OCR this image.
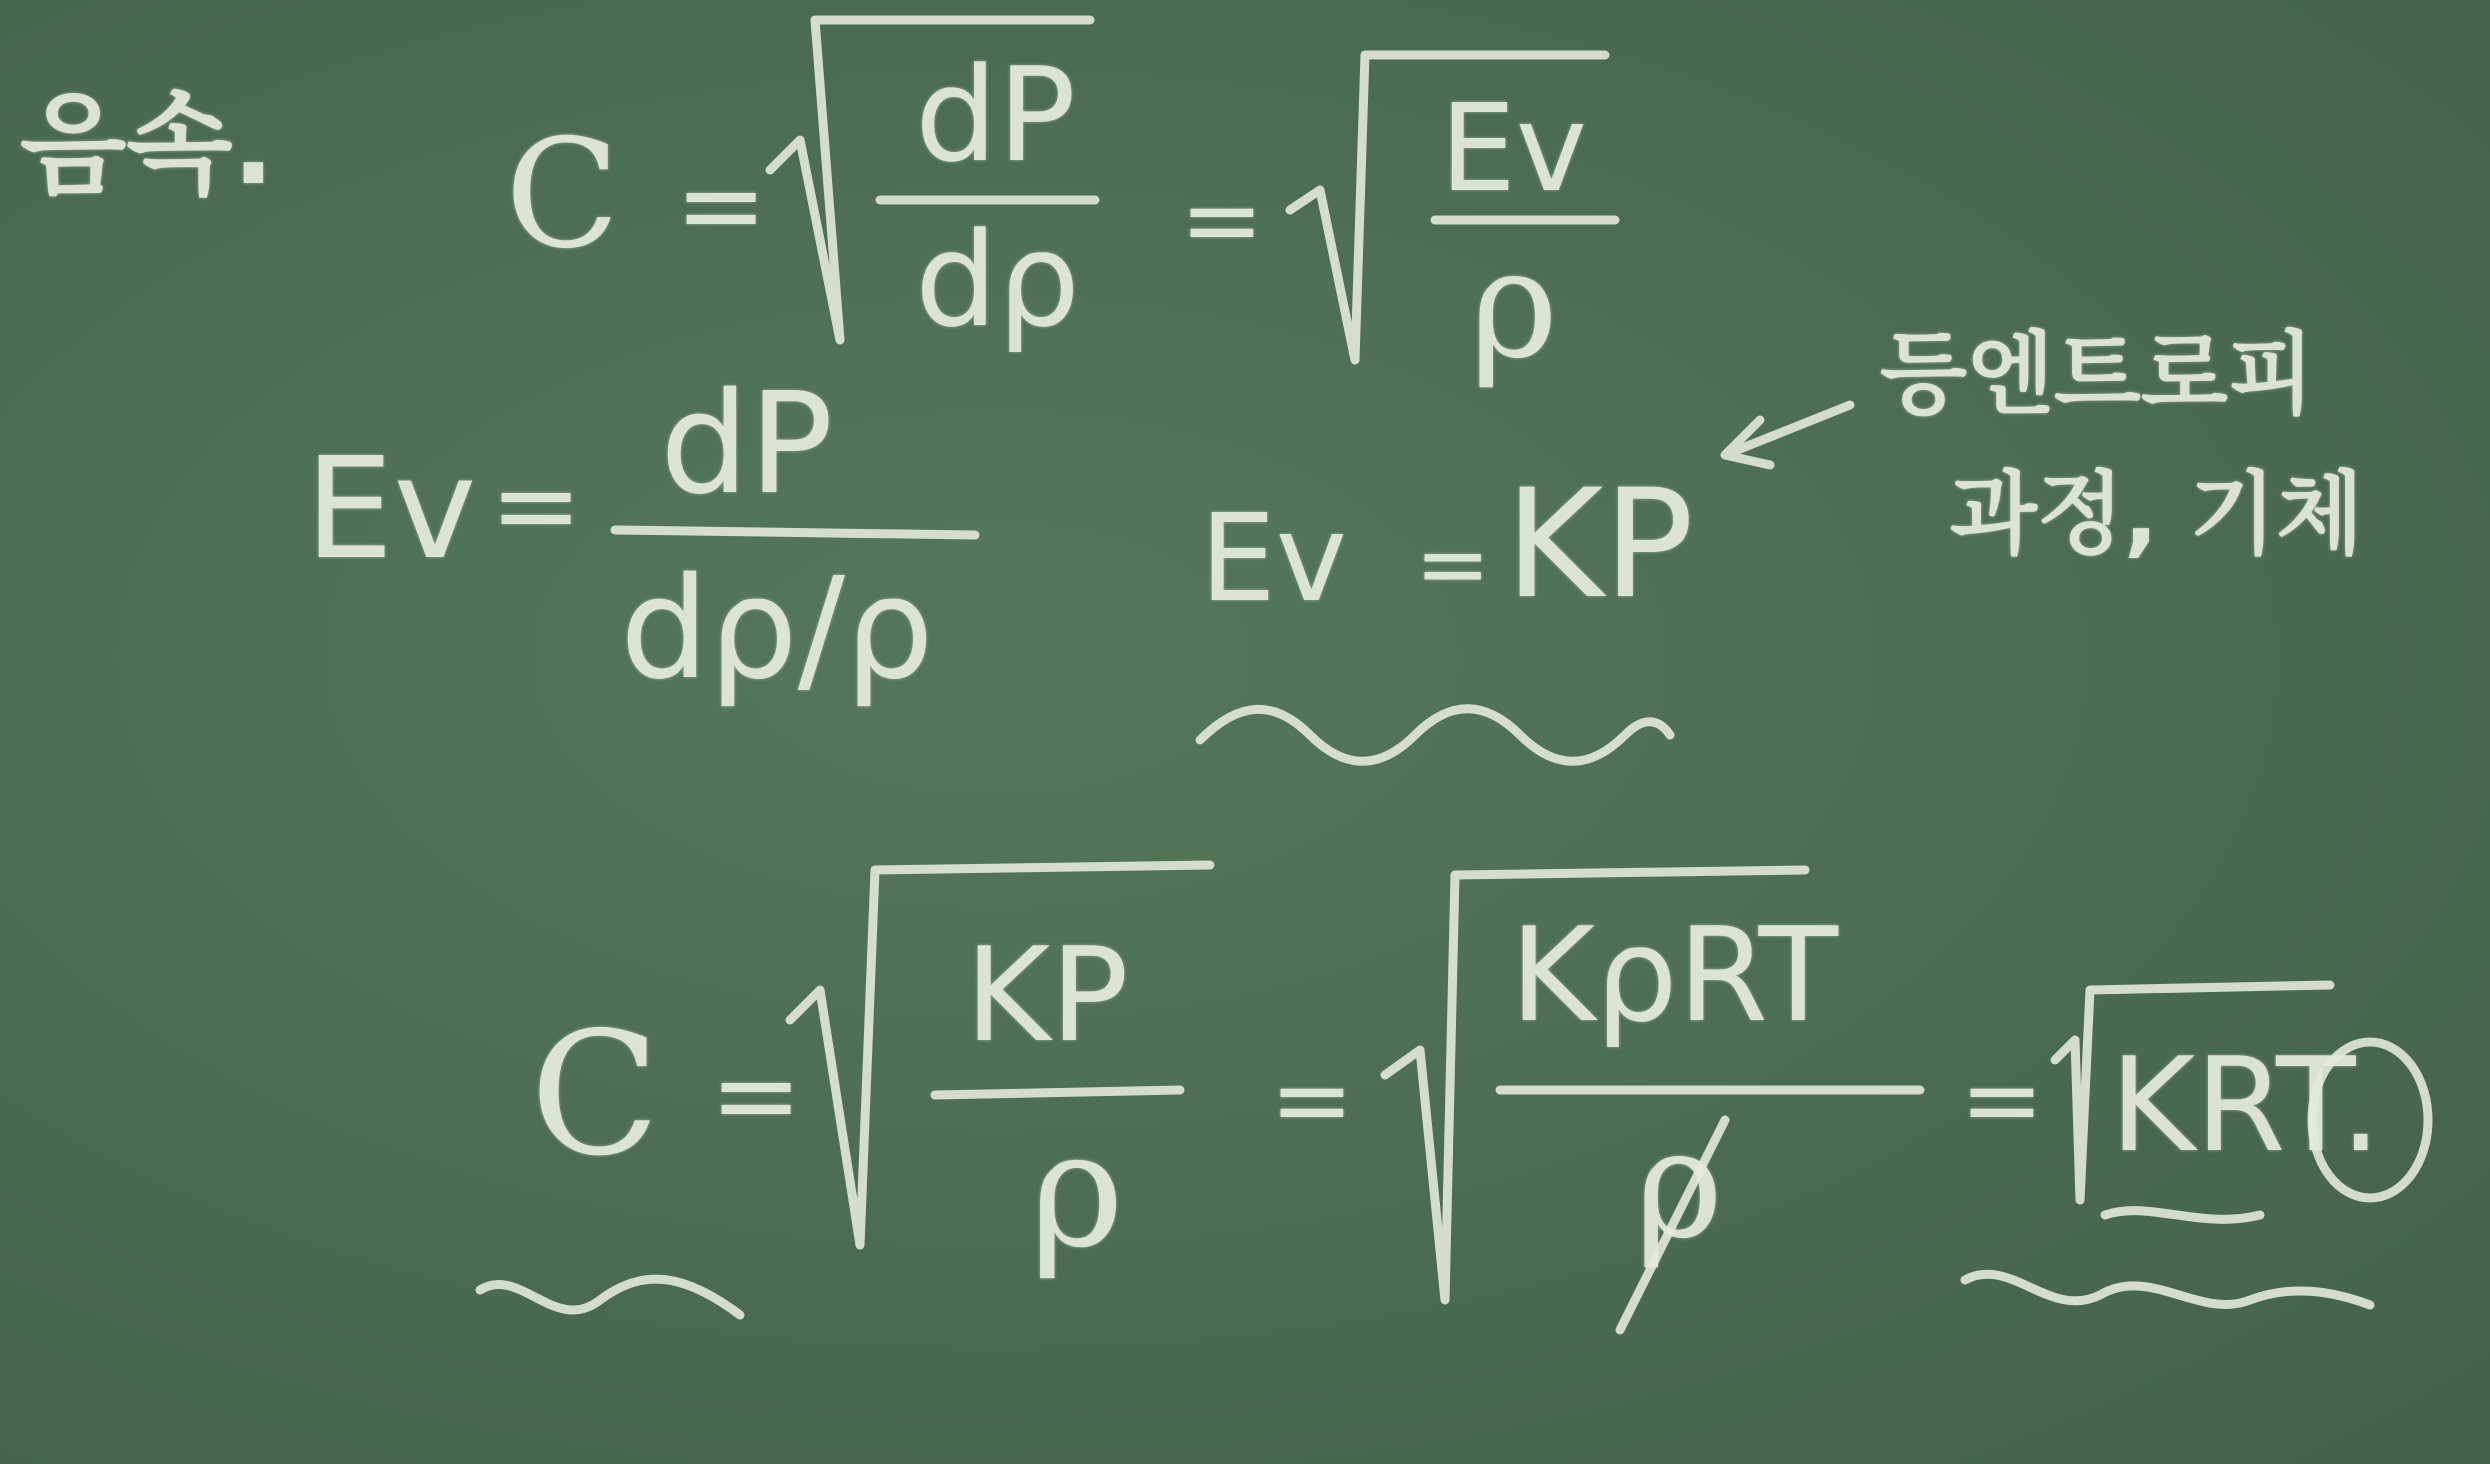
음속. C =
dP
dρ =
Ev
ρ
Ev = dP
dρ/ρ Ev = KP
등엔트로피
과정, 기체
C =
KP
ρ =
KρRT
ρ = KRT.
